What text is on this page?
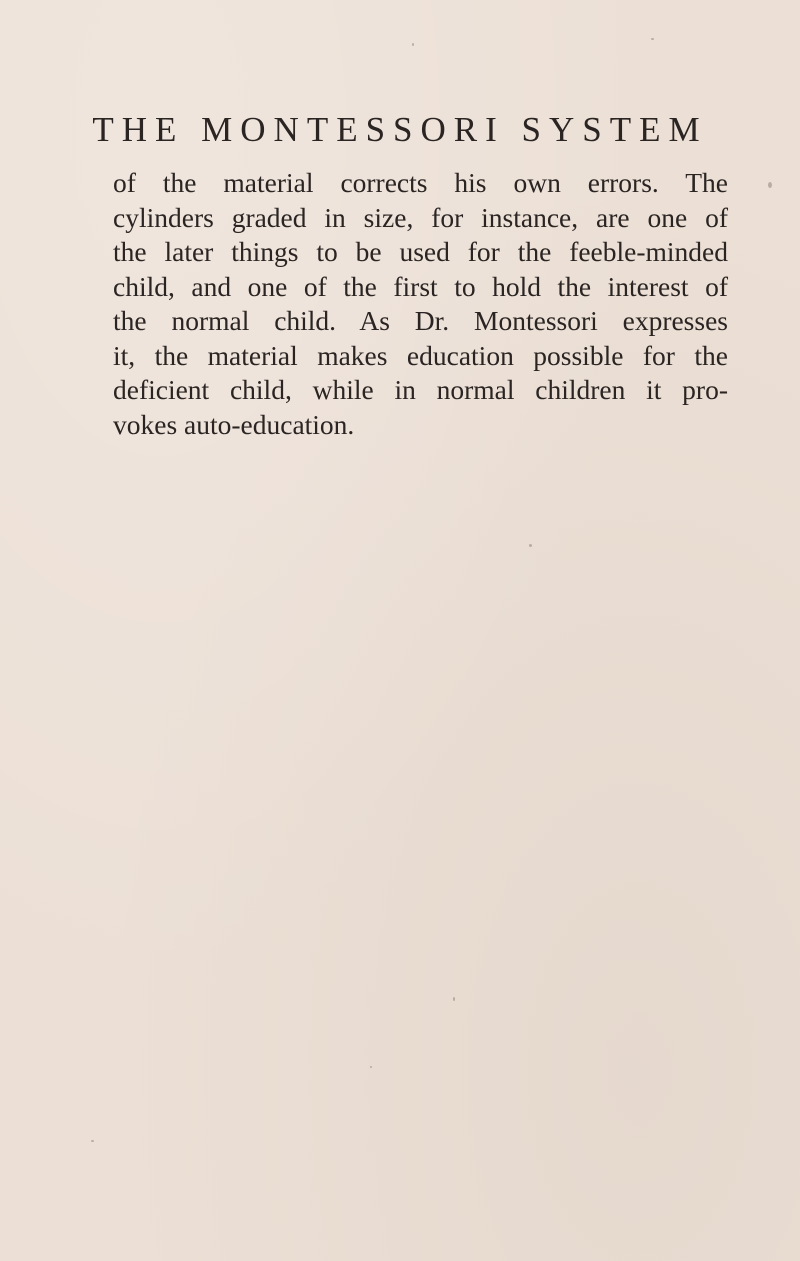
THE MONTESSORI SYSTEM
of the material corrects his own errors. The
cylinders graded in size, for instance, are one of
the later things to be used for the feeble-minded
child, and one of the first to hold the interest of
the normal child. As Dr. Montessori expresses
it, the material makes education possible for the
deficient child, while in normal children it pro-
vokes auto-education.
